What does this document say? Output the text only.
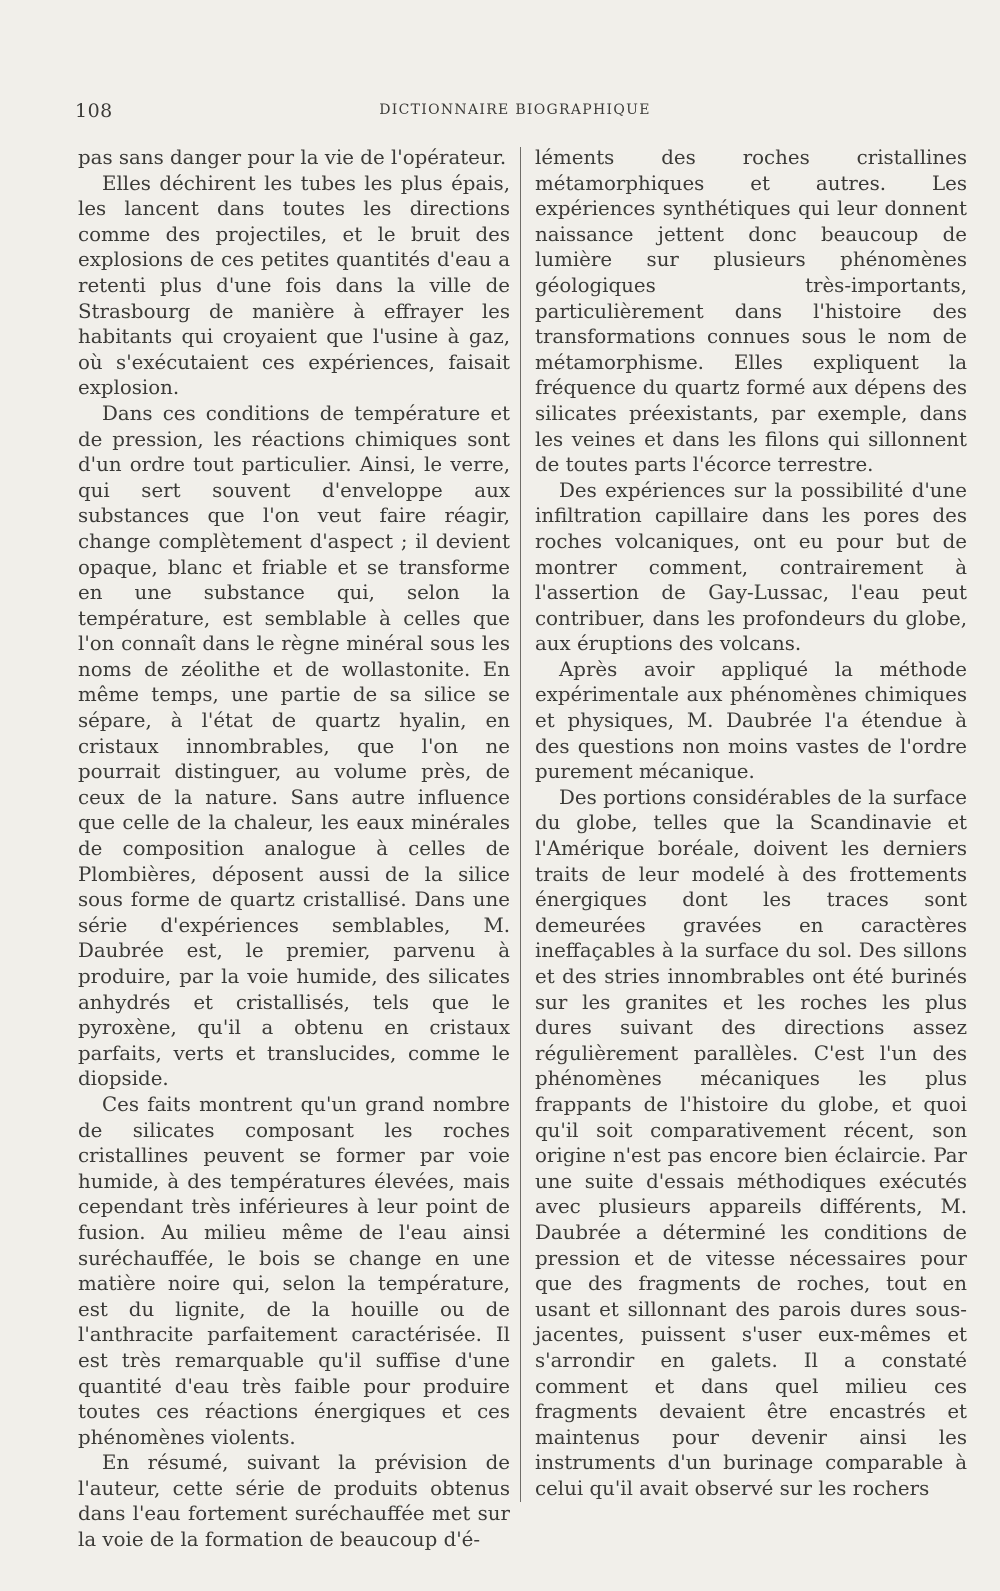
108	DICTIONNAIRE BIOGRAPHIQUE

pas sans danger pour la vie de l'opérateur.

Elles déchirent les tubes les plus épais, les lancent dans toutes les directions comme des projectiles, et le bruit des explosions de ces petites quantités d'eau a retenti plus d'une fois dans la ville de Strasbourg de manière à effrayer les habitants qui croyaient que l'usine à gaz, où s'exécutaient ces expériences, faisait explosion.

Dans ces conditions de température et de pression, les réactions chimiques sont d'un ordre tout particulier. Ainsi, le verre, qui sert souvent d'enveloppe aux substances que l'on veut faire réagir, change complètement d'aspect ; il devient opaque, blanc et friable et se transforme en une substance qui, selon la température, est semblable à celles que l'on connaît dans le règne minéral sous les noms de zéolithe et de wollastonite. En même temps, une partie de sa silice se sépare, à l'état de quartz hyalin, en cristaux innombrables, que l'on ne pourrait distinguer, au volume près, de ceux de la nature. Sans autre influence que celle de la chaleur, les eaux minérales de composition analogue à celles de Plombières, déposent aussi de la silice sous forme de quartz cristallisé. Dans une série d'expériences semblables, M. Daubrée est, le premier, parvenu à produire, par la voie humide, des silicates anhydrés et cristallisés, tels que le pyroxène, qu'il a obtenu en cristaux parfaits, verts et translucides, comme le diopside.

Ces faits montrent qu'un grand nombre de silicates composant les roches cristallines peuvent se former par voie humide, à des températures élevées, mais cependant très inférieures à leur point de fusion. Au milieu même de l'eau ainsi suréchauffée, le bois se change en une matière noire qui, selon la température, est du lignite, de la houille ou de l'anthracite parfaitement caractérisée. Il est très remarquable qu'il suffise d'une quantité d'eau très faible pour produire toutes ces réactions énergiques et ces phénomènes violents.

En résumé, suivant la prévision de l'auteur, cette série de produits obtenus dans l'eau fortement suréchauffée met sur la voie de la formation de beaucoup d'é-

léments des roches cristallines métamorphiques et autres. Les expériences synthétiques qui leur donnent naissance jettent donc beaucoup de lumière sur plusieurs phénomènes géologiques très-importants, particulièrement dans l'histoire des transformations connues sous le nom de métamorphisme. Elles expliquent la fréquence du quartz formé aux dépens des silicates préexistants, par exemple, dans les veines et dans les filons qui sillonnent de toutes parts l'écorce terrestre.

Des expériences sur la possibilité d'une infiltration capillaire dans les pores des roches volcaniques, ont eu pour but de montrer comment, contrairement à l'assertion de Gay-Lussac, l'eau peut contribuer, dans les profondeurs du globe, aux éruptions des volcans.

Après avoir appliqué la méthode expérimentale aux phénomènes chimiques et physiques, M. Daubrée l'a étendue à des questions non moins vastes de l'ordre purement mécanique.

Des portions considérables de la surface du globe, telles que la Scandinavie et l'Amérique boréale, doivent les derniers traits de leur modelé à des frottements énergiques dont les traces sont demeurées gravées en caractères ineffaçables à la surface du sol. Des sillons et des stries innombrables ont été burinés sur les granites et les roches les plus dures suivant des directions assez régulièrement parallèles. C'est l'un des phénomènes mécaniques les plus frappants de l'histoire du globe, et quoi qu'il soit comparativement récent, son origine n'est pas encore bien éclaircie. Par une suite d'essais méthodiques exécutés avec plusieurs appareils différents, M. Daubrée a déterminé les conditions de pression et de vitesse nécessaires pour que des fragments de roches, tout en usant et sillonnant des parois dures sous-jacentes, puissent s'user eux-mêmes et s'arrondir en galets. Il a constaté comment et dans quel milieu ces fragments devaient être encastrés et maintenus pour devenir ainsi les instruments d'un burinage comparable à celui qu'il avait observé sur les rochers
